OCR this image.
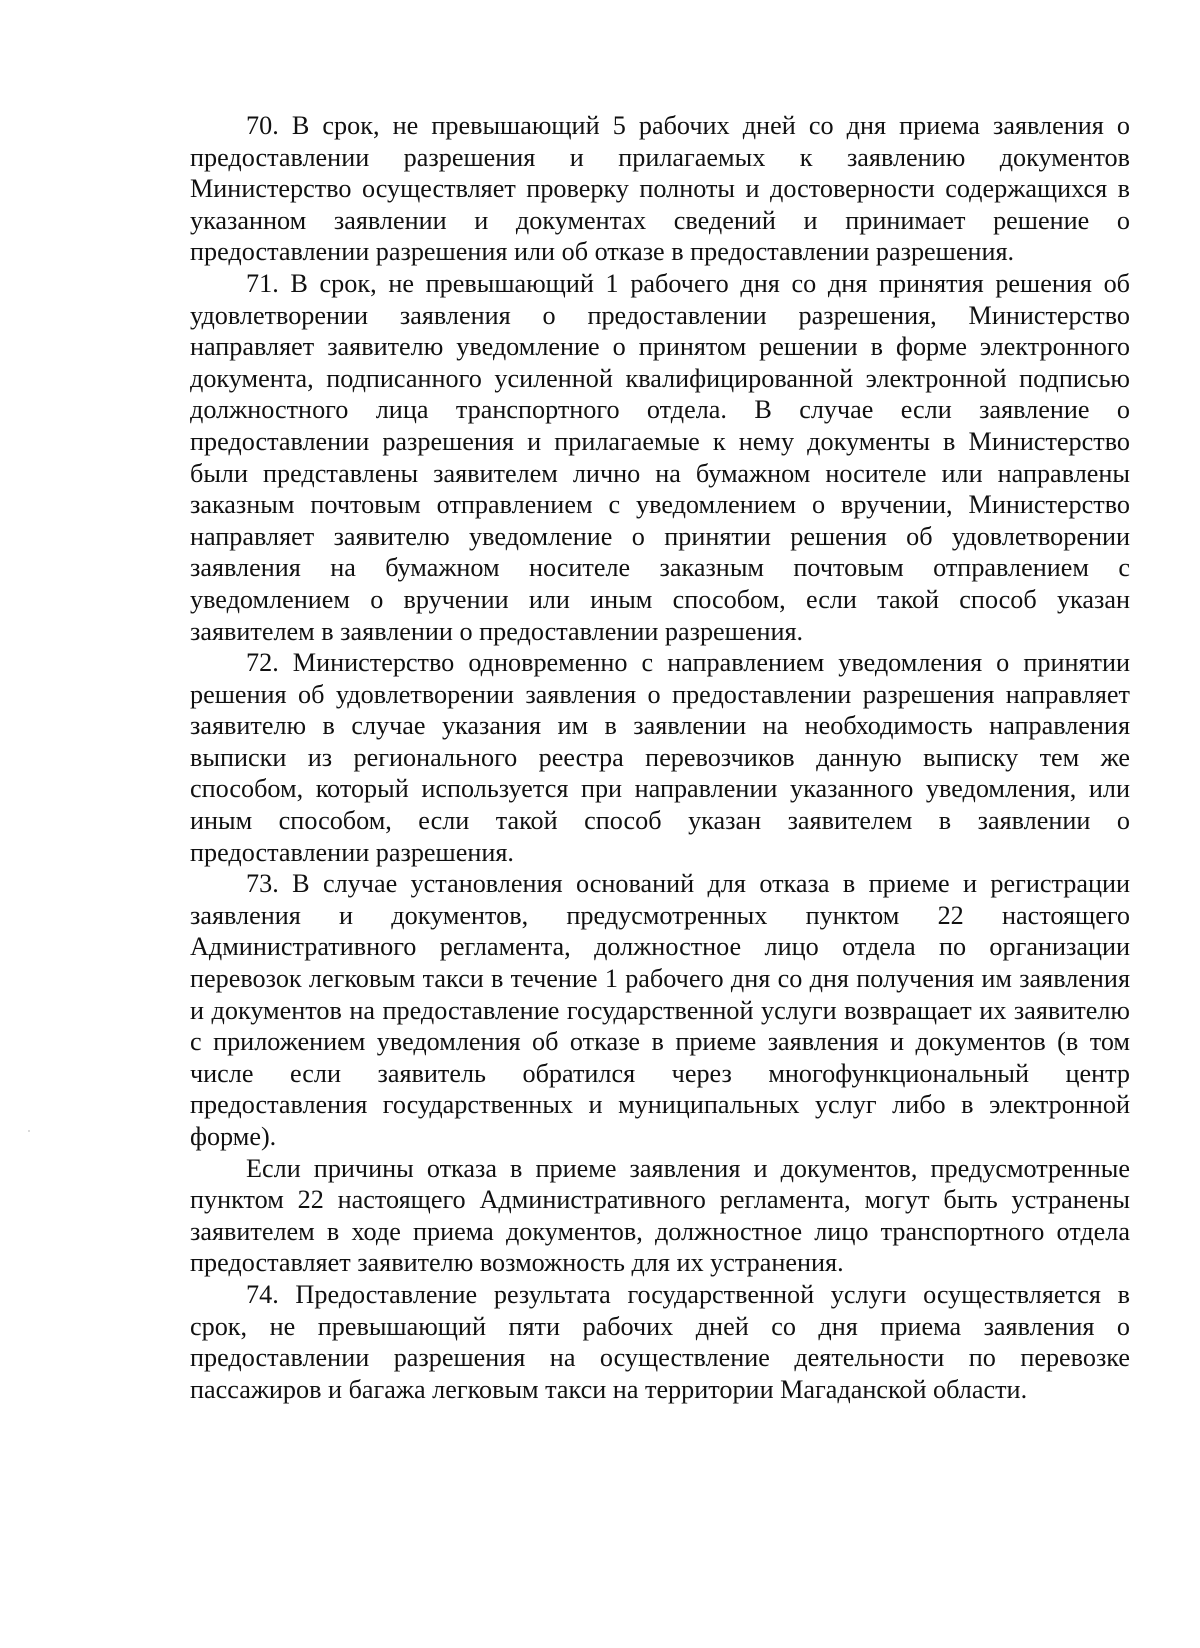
70. В срок, не превышающий 5 рабочих дней со дня приема заявления о предоставлении разрешения и прилагаемых к заявлению документов Министерство осуществляет проверку полноты и достоверности содержащихся в указанном заявлении и документах сведений и принимает решение о предоставлении разрешения или об отказе в предоставлении разрешения.

71. В срок, не превышающий 1 рабочего дня со дня принятия решения об удовлетворении заявления о предоставлении разрешения, Министерство направляет заявителю уведомление о принятом решении в форме электронного документа, подписанного усиленной квалифицированной электронной подписью должностного лица транспортного отдела. В случае если заявление о предоставлении разрешения и прилагаемые к нему документы в Министерство были представлены заявителем лично на бумажном носителе или направлены заказным почтовым отправлением с уведомлением о вручении, Министерство направляет заявителю уведомление о принятии решения об удовлетворении заявления на бумажном носителе заказным почтовым отправлением с уведомлением о вручении или иным способом, если такой способ указан заявителем в заявлении о предоставлении разрешения.

72. Министерство одновременно с направлением уведомления о принятии решения об удовлетворении заявления о предоставлении разрешения направляет заявителю в случае указания им в заявлении на необходимость направления выписки из регионального реестра перевозчиков данную выписку тем же способом, который используется при направлении указанного уведомления, или иным способом, если такой способ указан заявителем в заявлении о предоставлении разрешения.

73. В случае установления оснований для отказа в приеме и регистрации заявления и документов, предусмотренных пунктом 22 настоящего Административного регламента, должностное лицо отдела по организации перевозок легковым такси в течение 1 рабочего дня со дня получения им заявления и документов на предоставление государственной услуги возвращает их заявителю с приложением уведомления об отказе в приеме заявления и документов (в том числе если заявитель обратился через многофункциональный центр предоставления государственных и муниципальных услуг либо в электронной форме).

Если причины отказа в приеме заявления и документов, предусмотренные пунктом 22 настоящего Административного регламента, могут быть устранены заявителем в ходе приема документов, должностное лицо транспортного отдела предоставляет заявителю возможность для их устранения.

74. Предоставление результата государственной услуги осуществляется в срок, не превышающий пяти рабочих дней со дня приема заявления о предоставлении разрешения на осуществление деятельности по перевозке пассажиров и багажа легковым такси на территории Магаданской области.
